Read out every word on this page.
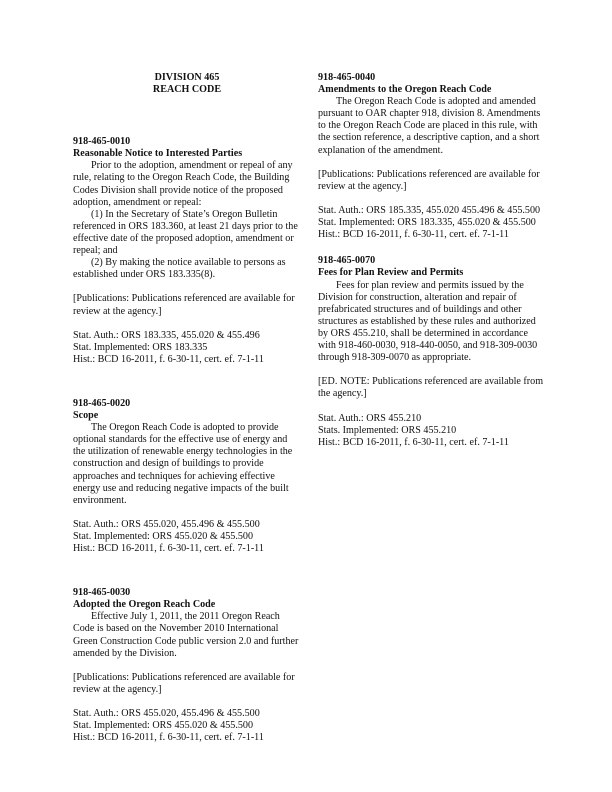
DIVISION 465
REACH CODE
918-465-0010
Reasonable Notice to Interested Parties

Prior to the adoption, amendment or repeal of any rule, relating to the Oregon Reach Code, the Building Codes Division shall provide notice of the proposed adoption, amendment or repeal:

(1) In the Secretary of State’s Oregon Bulletin referenced in ORS 183.360, at least 21 days prior to the effective date of the proposed adoption, amendment or repeal; and

(2) By making the notice available to persons as established under ORS 183.335(8).

[Publications: Publications referenced are available for review at the agency.]

Stat. Auth.: ORS 183.335, 455.020 & 455.496
Stat. Implemented: ORS 183.335
Hist.: BCD 16-2011, f. 6-30-11, cert. ef. 7-1-11
918-465-0020
Scope

The Oregon Reach Code is adopted to provide optional standards for the effective use of energy and the utilization of renewable energy technologies in the construction and design of buildings to provide approaches and techniques for achieving effective energy use and reducing negative impacts of the built environment.

Stat. Auth.: ORS 455.020, 455.496 & 455.500
Stat. Implemented: ORS 455.020 & 455.500
Hist.: BCD 16-2011, f. 6-30-11, cert. ef. 7-1-11
918-465-0030
Adopted the Oregon Reach Code

Effective July 1, 2011, the 2011 Oregon Reach Code is based on the November 2010 International Green Construction Code public version 2.0 and further amended by the Division.

[Publications: Publications referenced are available for review at the agency.]

Stat. Auth.: ORS 455.020, 455.496 & 455.500
Stat. Implemented: ORS 455.020 & 455.500
Hist.: BCD 16-2011, f. 6-30-11, cert. ef. 7-1-11
918-465-0040
Amendments to the Oregon Reach Code

The Oregon Reach Code is adopted and amended pursuant to OAR chapter 918, division 8. Amendments to the Oregon Reach Code are placed in this rule, with the section reference, a descriptive caption, and a short explanation of the amendment.

[Publications: Publications referenced are available for review at the agency.]

Stat. Auth.: ORS 185.335, 455.020 455.496 & 455.500

Stat. Implemented: ORS 183.335, 455.020 & 455.500

Hist.: BCD 16-2011, f. 6-30-11, cert. ef. 7-1-11
918-465-0070
Fees for Plan Review and Permits

Fees for plan review and permits issued by the Division for construction, alteration and repair of prefabricated structures and of buildings and other structures as established by these rules and authorized by ORS 455.210, shall be determined in accordance with 918-460-0030, 918-440-0050, and 918-309-0030 through 918-309-0070 as appropriate.

[ED. NOTE: Publications referenced are available from the agency.]

Stat. Auth.: ORS 455.210
Stats. Implemented: ORS 455.210
Hist.: BCD 16-2011, f. 6-30-11, cert. ef. 7-1-11
